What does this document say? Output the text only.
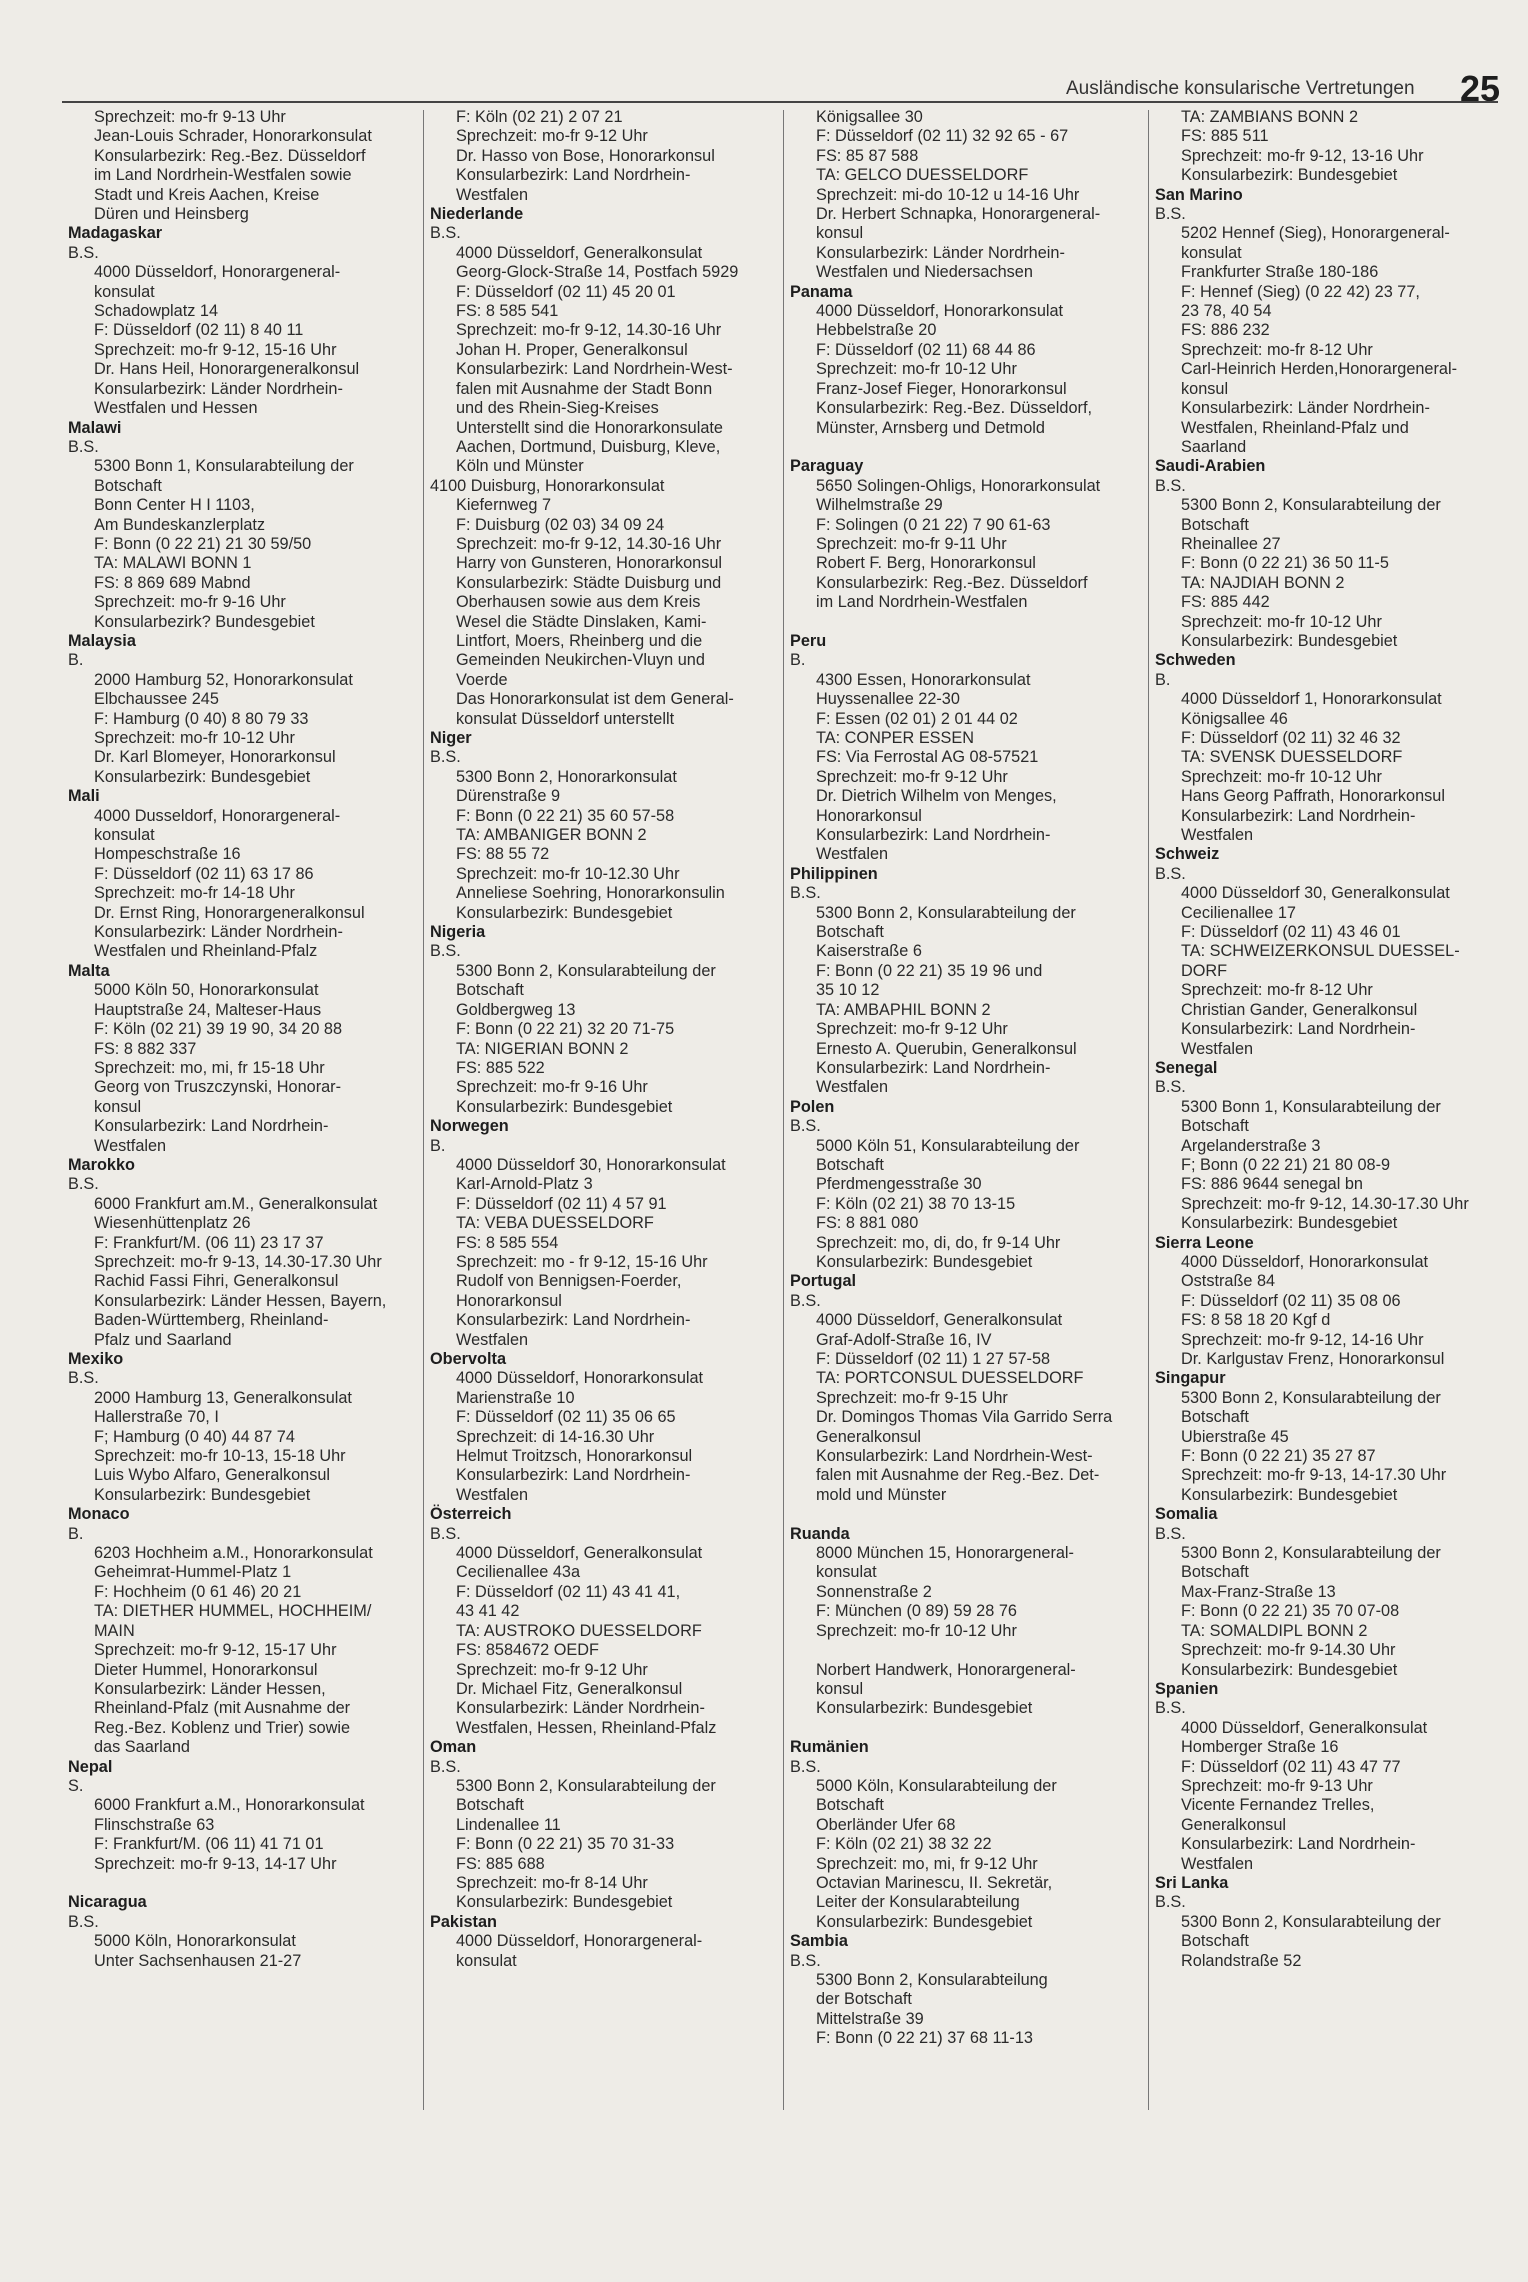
Ausländische konsularische Vertretungen 25
Sprechzeit: mo-fr 9-13 Uhr
Jean-Louis Schrader, Honorarkonsulat
Konsularbezirk: Reg.-Bez. Düsseldorf
im Land Nordrhein-Westfalen sowie
Stadt und Kreis Aachen, Kreise
Düren und Heinsberg
Madagaskar
B.S.
4000 Düsseldorf, Honorargeneral-
konsulat
Schadowplatz 14
F: Düsseldorf (02 11) 8 40 11
Sprechzeit: mo-fr 9-12, 15-16 Uhr
Dr. Hans Heil, Honorargeneralkonsul
Konsularbezirk: Länder Nordrhein-
Westfalen und Hessen
Malawi
B.S.
5300 Bonn 1, Konsularabteilung der
Botschaft
Bonn Center H I 1103,
Am Bundeskanzlerplatz
F: Bonn (0 22 21) 21 30 59/50
TA: MALAWI BONN 1
FS: 8 869 689 Mabnd
Sprechzeit: mo-fr 9-16 Uhr
Konsularbezirk? Bundesgebiet
Malaysia
B.
2000 Hamburg 52, Honorarkonsulat
Elbchaussee 245
F: Hamburg (0 40) 8 80 79 33
Sprechzeit: mo-fr 10-12 Uhr
Dr. Karl Blomeyer, Honorarkonsul
Konsularbezirk: Bundesgebiet
Mali
4000 Dusseldorf, Honorargeneral-
konsulat
Hompeschstraße 16
F: Düsseldorf (02 11) 63 17 86
Sprechzeit: mo-fr 14-18 Uhr
Dr. Ernst Ring, Honorargeneralkonsul
Konsularbezirk: Länder Nordrhein-
Westfalen und Rheinland-Pfalz
Malta
5000 Köln 50, Honorarkonsulat
Hauptstraße 24, Malteser-Haus
F: Köln (02 21) 39 19 90, 34 20 88
FS: 8 882 337
Sprechzeit: mo, mi, fr 15-18 Uhr
Georg von Truszczynski, Honorar-
konsul
Konsularbezirk: Land Nordrhein-
Westfalen
Marokko
B.S.
6000 Frankfurt am.M., Generalkonsulat
Wiesenhüttenplatz 26
F: Frankfurt/M. (06 11) 23 17 37
Sprechzeit: mo-fr 9-13, 14.30-17.30 Uhr
Rachid Fassi Fihri, Generalkonsul
Konsularbezirk: Länder Hessen, Bayern,
Baden-Württemberg, Rheinland-
Pfalz und Saarland
Mexiko
B.S.
2000 Hamburg 13, Generalkonsulat
Hallerstraße 70, I
F; Hamburg (0 40) 44 87 74
Sprechzeit: mo-fr 10-13, 15-18 Uhr
Luis Wybo Alfaro, Generalkonsul
Konsularbezirk: Bundesgebiet
Monaco
B.
6203 Hochheim a.M., Honorarkonsulat
Geheimrat-Hummel-Platz 1
F: Hochheim (0 61 46) 20 21
TA: DIETHER HUMMEL, HOCHHEIM/
MAIN
Sprechzeit: mo-fr 9-12, 15-17 Uhr
Dieter Hummel, Honorarkonsul
Konsularbezirk: Länder Hessen,
Rheinland-Pfalz (mit Ausnahme der
Reg.-Bez. Koblenz und Trier) sowie
das Saarland
Nepal
S.
6000 Frankfurt a.M., Honorarkonsulat
Flinschstraße 63
F: Frankfurt/M. (06 11) 41 71 01
Sprechzeit: mo-fr 9-13, 14-17 Uhr

Nicaragua
B.S.
5000 Köln, Honorarkonsulat
Unter Sachsenhausen 21-27
F: Köln (02 21) 2 07 21
Sprechzeit: mo-fr 9-12 Uhr
Dr. Hasso von Bose, Honorarkonsul
Konsularbezirk: Land Nordrhein-
Westfalen
Niederlande
B.S.
4000 Düsseldorf, Generalkonsulat
Georg-Glock-Straße 14, Postfach 5929
F: Düsseldorf (02 11) 45 20 01
FS: 8 585 541
Sprechzeit: mo-fr 9-12, 14.30-16 Uhr
Johan H. Proper, Generalkonsul
Konsularbezirk: Land Nordrhein-West-
falen mit Ausnahme der Stadt Bonn
und des Rhein-Sieg-Kreises
Unterstellt sind die Honorarkonsulate
Aachen, Dortmund, Duisburg, Kleve,
Köln und Münster
4100 Duisburg, Honorarkonsulat
Kiefernweg 7
F: Duisburg (02 03) 34 09 24
Sprechzeit: mo-fr 9-12, 14.30-16 Uhr
Harry von Gunsteren, Honorarkonsul
Konsularbezirk: Städte Duisburg und
Oberhausen sowie aus dem Kreis
Wesel die Städte Dinslaken, Kami-
Lintfort, Moers, Rheinberg und die
Gemeinden Neukirchen-Vluyn und
Voerde
Das Honorarkonsulat ist dem General-
konsulat Düsseldorf unterstellt
Niger
B.S.
5300 Bonn 2, Honorarkonsulat
Dürenstraße 9
F: Bonn (0 22 21) 35 60 57-58
TA: AMBANIGER BONN 2
FS: 88 55 72
Sprechzeit: mo-fr 10-12.30 Uhr
Anneliese Soehring, Honorarkonsulin
Konsularbezirk: Bundesgebiet
Nigeria
B.S.
5300 Bonn 2, Konsularabteilung der
Botschaft
Goldbergweg 13
F: Bonn (0 22 21) 32 20 71-75
TA: NIGERIAN BONN 2
FS: 885 522
Sprechzeit: mo-fr 9-16 Uhr
Konsularbezirk: Bundesgebiet
Norwegen
B.
4000 Düsseldorf 30, Honorarkonsulat
Karl-Arnold-Platz 3
F: Düsseldorf (02 11) 4 57 91
TA: VEBA DUESSELDORF
FS: 8 585 554
Sprechzeit: mo - fr 9-12, 15-16 Uhr
Rudolf von Bennigsen-Foerder,
Honorarkonsul
Konsularbezirk: Land Nordrhein-
Westfalen
Obervolta
4000 Düsseldorf, Honorarkonsulat
Marienstraße 10
F: Düsseldorf (02 11) 35 06 65
Sprechzeit: di 14-16.30 Uhr
Helmut Troitzsch, Honorarkonsul
Konsularbezirk: Land Nordrhein-
Westfalen
Österreich
B.S.
4000 Düsseldorf, Generalkonsulat
Cecilienallee 43a
F: Düsseldorf (02 11) 43 41 41,
43 41 42
TA: AUSTROKO DUESSELDORF
FS: 8584672 OEDF
Sprechzeit: mo-fr 9-12 Uhr
Dr. Michael Fitz, Generalkonsul
Konsularbezirk: Länder Nordrhein-
Westfalen, Hessen, Rheinland-Pfalz
Oman
B.S.
5300 Bonn 2, Konsularabteilung der
Botschaft
Lindenallee 11
F: Bonn (0 22 21) 35 70 31-33
FS: 885 688
Sprechzeit: mo-fr 8-14 Uhr
Konsularbezirk: Bundesgebiet
Pakistan
4000 Düsseldorf, Honorargeneral-
konsulat
Königsallee 30
F: Düsseldorf (02 11) 32 92 65 - 67
FS: 85 87 588
TA: GELCO DUESSELDORF
Sprechzeit: mi-do 10-12 u 14-16 Uhr
Dr. Herbert Schnapka, Honorargeneral-
konsul
Konsularbezirk: Länder Nordrhein-
Westfalen und Niedersachsen
Panama
4000 Düsseldorf, Honorarkonsulat
Hebbelstraße 20
F: Düsseldorf (02 11) 68 44 86
Sprechzeit: mo-fr 10-12 Uhr
Franz-Josef Fieger, Honorarkonsul
Konsularbezirk: Reg.-Bez. Düsseldorf,
Münster, Arnsberg und Detmold

Paraguay
5650 Solingen-Ohligs, Honorarkonsulat
Wilhelmstraße 29
F: Solingen (0 21 22) 7 90 61-63
Sprechzeit: mo-fr 9-11 Uhr
Robert F. Berg, Honorarkonsul
Konsularbezirk: Reg.-Bez. Düsseldorf
im Land Nordrhein-Westfalen

Peru
B.
4300 Essen, Honorarkonsulat
Huyssenallee 22-30
F: Essen (02 01) 2 01 44 02
TA: CONPER ESSEN
FS: Via Ferrostal AG 08-57521
Sprechzeit: mo-fr 9-12 Uhr
Dr. Dietrich Wilhelm von Menges,
Honorarkonsul
Konsularbezirk: Land Nordrhein-
Westfalen
Philippinen
B.S.
5300 Bonn 2, Konsularabteilung der
Botschaft
Kaiserstraße 6
F: Bonn (0 22 21) 35 19 96 und
35 10 12
TA: AMBAPHIL BONN 2
Sprechzeit: mo-fr 9-12 Uhr
Ernesto A. Querubin, Generalkonsul
Konsularbezirk: Land Nordrhein-
Westfalen
Polen
B.S.
5000 Köln 51, Konsularabteilung der
Botschaft
Pferdmengesstraße 30
F: Köln (02 21) 38 70 13-15
FS: 8 881 080
Sprechzeit: mo, di, do, fr 9-14 Uhr
Konsularbezirk: Bundesgebiet
Portugal
B.S.
4000 Düsseldorf, Generalkonsulat
Graf-Adolf-Straße 16, IV
F: Düsseldorf (02 11) 1 27 57-58
TA: PORTCONSUL DUESSELDORF
Sprechzeit: mo-fr 9-15 Uhr
Dr. Domingos Thomas Vila Garrido Serra
Generalkonsul
Konsularbezirk: Land Nordrhein-West-
falen mit Ausnahme der Reg.-Bez. Det-
mold und Münster

Ruanda
8000 München 15, Honorargeneral-
konsulat
Sonnenstraße 2
F: München (0 89) 59 28 76
Sprechzeit: mo-fr 10-12 Uhr

Norbert Handwerk, Honorargeneral-
konsul
Konsularbezirk: Bundesgebiet

Rumänien
B.S.
5000 Köln, Konsularabteilung der
Botschaft
Oberländer Ufer 68
F: Köln (02 21) 38 32 22
Sprechzeit: mo, mi, fr 9-12 Uhr
Octavian Marinescu, II. Sekretär,
Leiter der Konsularabteilung
Konsularbezirk: Bundesgebiet
Sambia
B.S.
5300 Bonn 2, Konsularabteilung
der Botschaft
Mittelstraße 39
F: Bonn (0 22 21) 37 68 11-13
TA: ZAMBIANS BONN 2
FS: 885 511
Sprechzeit: mo-fr 9-12, 13-16 Uhr
Konsularbezirk: Bundesgebiet
San Marino
B.S.
5202 Hennef (Sieg), Honorargeneral-
konsulat
Frankfurter Straße 180-186
F: Hennef (Sieg) (0 22 42) 23 77,
23 78, 40 54
FS: 886 232
Sprechzeit: mo-fr 8-12 Uhr
Carl-Heinrich Herden,Honorargeneral-
konsul
Konsularbezirk: Länder Nordrhein-
Westfalen, Rheinland-Pfalz und
Saarland
Saudi-Arabien
B.S.
5300 Bonn 2, Konsularabteilung der
Botschaft
Rheinallee 27
F: Bonn (0 22 21) 36 50 11-5
TA: NAJDIAH BONN 2
FS: 885 442
Sprechzeit: mo-fr 10-12 Uhr
Konsularbezirk: Bundesgebiet
Schweden
B.
4000 Düsseldorf 1, Honorarkonsulat
Königsallee 46
F: Düsseldorf (02 11) 32 46 32
TA: SVENSK DUESSELDORF
Sprechzeit: mo-fr 10-12 Uhr
Hans Georg Paffrath, Honorarkonsul
Konsularbezirk: Land Nordrhein-
Westfalen
Schweiz
B.S.
4000 Düsseldorf 30, Generalkonsulat
Cecilienallee 17
F: Düsseldorf (02 11) 43 46 01
TA: SCHWEIZERKONSUL DUESSEL-
DORF
Sprechzeit: mo-fr 8-12 Uhr
Christian Gander, Generalkonsul
Konsularbezirk: Land Nordrhein-
Westfalen
Senegal
B.S.
5300 Bonn 1, Konsularabteilung der
Botschaft
Argelanderstraße 3
F; Bonn (0 22 21) 21 80 08-9
FS: 886 9644 senegal bn
Sprechzeit: mo-fr 9-12, 14.30-17.30 Uhr
Konsularbezirk: Bundesgebiet
Sierra Leone
4000 Düsseldorf, Honorarkonsulat
Oststraße 84
F: Düsseldorf (02 11) 35 08 06
FS: 8 58 18 20 Kgf d
Sprechzeit: mo-fr 9-12, 14-16 Uhr
Dr. Karlgustav Frenz, Honorarkonsul
Singapur
5300 Bonn 2, Konsularabteilung der
Botschaft
Ubierstraße 45
F: Bonn (0 22 21) 35 27 87
Sprechzeit: mo-fr 9-13, 14-17.30 Uhr
Konsularbezirk: Bundesgebiet
Somalia
B.S.
5300 Bonn 2, Konsularabteilung der
Botschaft
Max-Franz-Straße 13
F: Bonn (0 22 21) 35 70 07-08
TA: SOMALDIPL BONN 2
Sprechzeit: mo-fr 9-14.30 Uhr
Konsularbezirk: Bundesgebiet
Spanien
B.S.
4000 Düsseldorf, Generalkonsulat
Homberger Straße 16
F: Düsseldorf (02 11) 43 47 77
Sprechzeit: mo-fr 9-13 Uhr
Vicente Fernandez Trelles,
Generalkonsul
Konsularbezirk: Land Nordrhein-
Westfalen
Sri Lanka
B.S.
5300 Bonn 2, Konsularabteilung der
Botschaft
Rolandstraße 52
